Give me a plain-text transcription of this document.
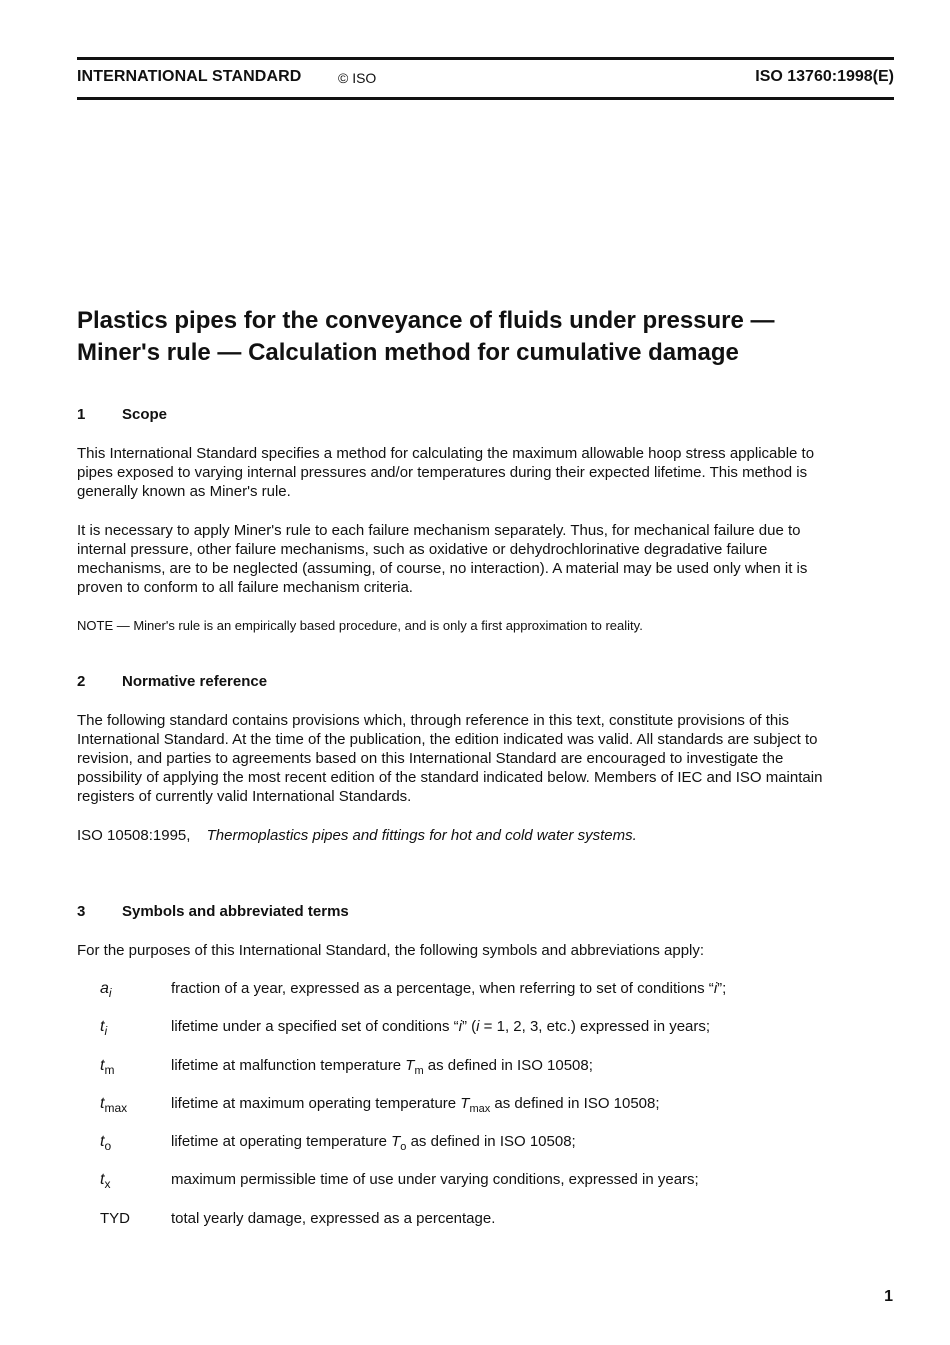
INTERNATIONAL STANDARD	© ISO	ISO 13760:1998(E)
Plastics pipes for the conveyance of fluids under pressure —
Miner's rule — Calculation method for cumulative damage
1 Scope
This International Standard specifies a method for calculating the maximum allowable hoop stress applicable to
pipes exposed to varying internal pressures and/or temperatures during their expected lifetime. This method is
generally known as Miner's rule.
It is necessary to apply Miner's rule to each failure mechanism separately. Thus, for mechanical failure due to
internal pressure, other failure mechanisms, such as oxidative or dehydrochlorinative degradative failure
mechanisms, are to be neglected (assuming, of course, no interaction). A material may be used only when it is
proven to conform to all failure mechanism criteria.
NOTE — Miner's rule is an empirically based procedure, and is only a first approximation to reality.
2 Normative reference
The following standard contains provisions which, through reference in this text, constitute provisions of this
International Standard. At the time of the publication, the edition indicated was valid. All standards are subject to
revision, and parties to agreements based on this International Standard are encouraged to investigate the
possibility of applying the most recent edition of the standard indicated below. Members of IEC and ISO maintain
registers of currently valid International Standards.
ISO 10508:1995, Thermoplastics pipes and fittings for hot and cold water systems.
3 Symbols and abbreviated terms
For the purposes of this International Standard, the following symbols and abbreviations apply:
$a_i$	fraction of a year, expressed as a percentage, when referring to set of conditions “i”;
$t_i$	lifetime under a specified set of conditions “i” (i = 1, 2, 3, etc.) expressed in years;
$t_m$	lifetime at malfunction temperature $T_m$ as defined in ISO 10508;
$t_{max}$	lifetime at maximum operating temperature $T_{max}$ as defined in ISO 10508;
$t_o$	lifetime at operating temperature $T_o$ as defined in ISO 10508;
$t_x$	maximum permissible time of use under varying conditions, expressed in years;
TYD	total yearly damage, expressed as a percentage.
1
